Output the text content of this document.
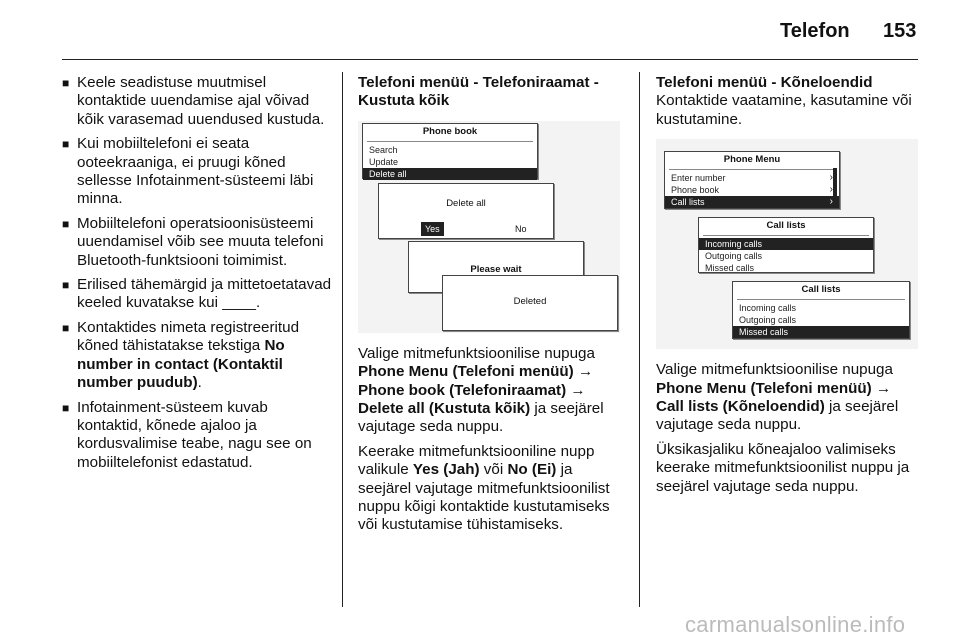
Telefon 153
■ Keele seadistuse muutmisel kontaktide uuendamise ajal võivad kõik varasemad uuendused kustuda.
■ Kui mobiiltelefoni ei seata ooteekraaniga, ei pruugi kõned sellesse Infotainment-süsteemi läbi minna.
■ Mobiiltelefoni operatsioonisüsteemi uuendamisel võib see muuta telefoni Bluetooth-funktsiooni toimimist.
■ Erilised tähemärgid ja mittetoetatavad keeled kuvatakse kui ____.
■ Kontaktides nimeta registreeritud kõned tähistatakse tekstiga No number in contact (Kontaktil number puudub).
■ Infotainment-süsteem kuvab kontaktid, kõnede ajaloo ja kordusvalimise teabe, nagu see on mobiiltelefonist edastatud.

Telefoni menüü - Telefoniraamat - Kustuta kõik

Phone book
Search
Update
Delete all
Delete all
Yes	No
Please wait
Deleted

Valige mitmefunktsioonilise nupuga Phone Menu (Telefoni menüü) → Phone book (Telefoniraamat) → Delete all (Kustuta kõik) ja seejärel vajutage seda nuppu.

Keerake mitmefunktsiooniline nupp valikule Yes (Jah) või No (Ei) ja seejärel vajutage mitmefunktsioonilist nuppu kõigi kontaktide kustutamiseks või kustutamise tühistamiseks.

Telefoni menüü - Kõneloendid

Kontaktide vaatamine, kasutamine või kustutamine.

Phone Menu
Enter number	›
Phone book	›
Call lists	›
Call lists
Incoming calls
Outgoing calls
Missed calls
Call lists
Incoming calls
Outgoing calls
Missed calls

Valige mitmefunktsioonilise nupuga Phone Menu (Telefoni menüü) → Call lists (Kõneloendid) ja seejärel vajutage seda nuppu.

Üksikasjaliku kõneajaloo valimiseks keerake mitmefunktsioonilist nuppu ja seejärel vajutage seda nuppu.

carmanualsonline.info
